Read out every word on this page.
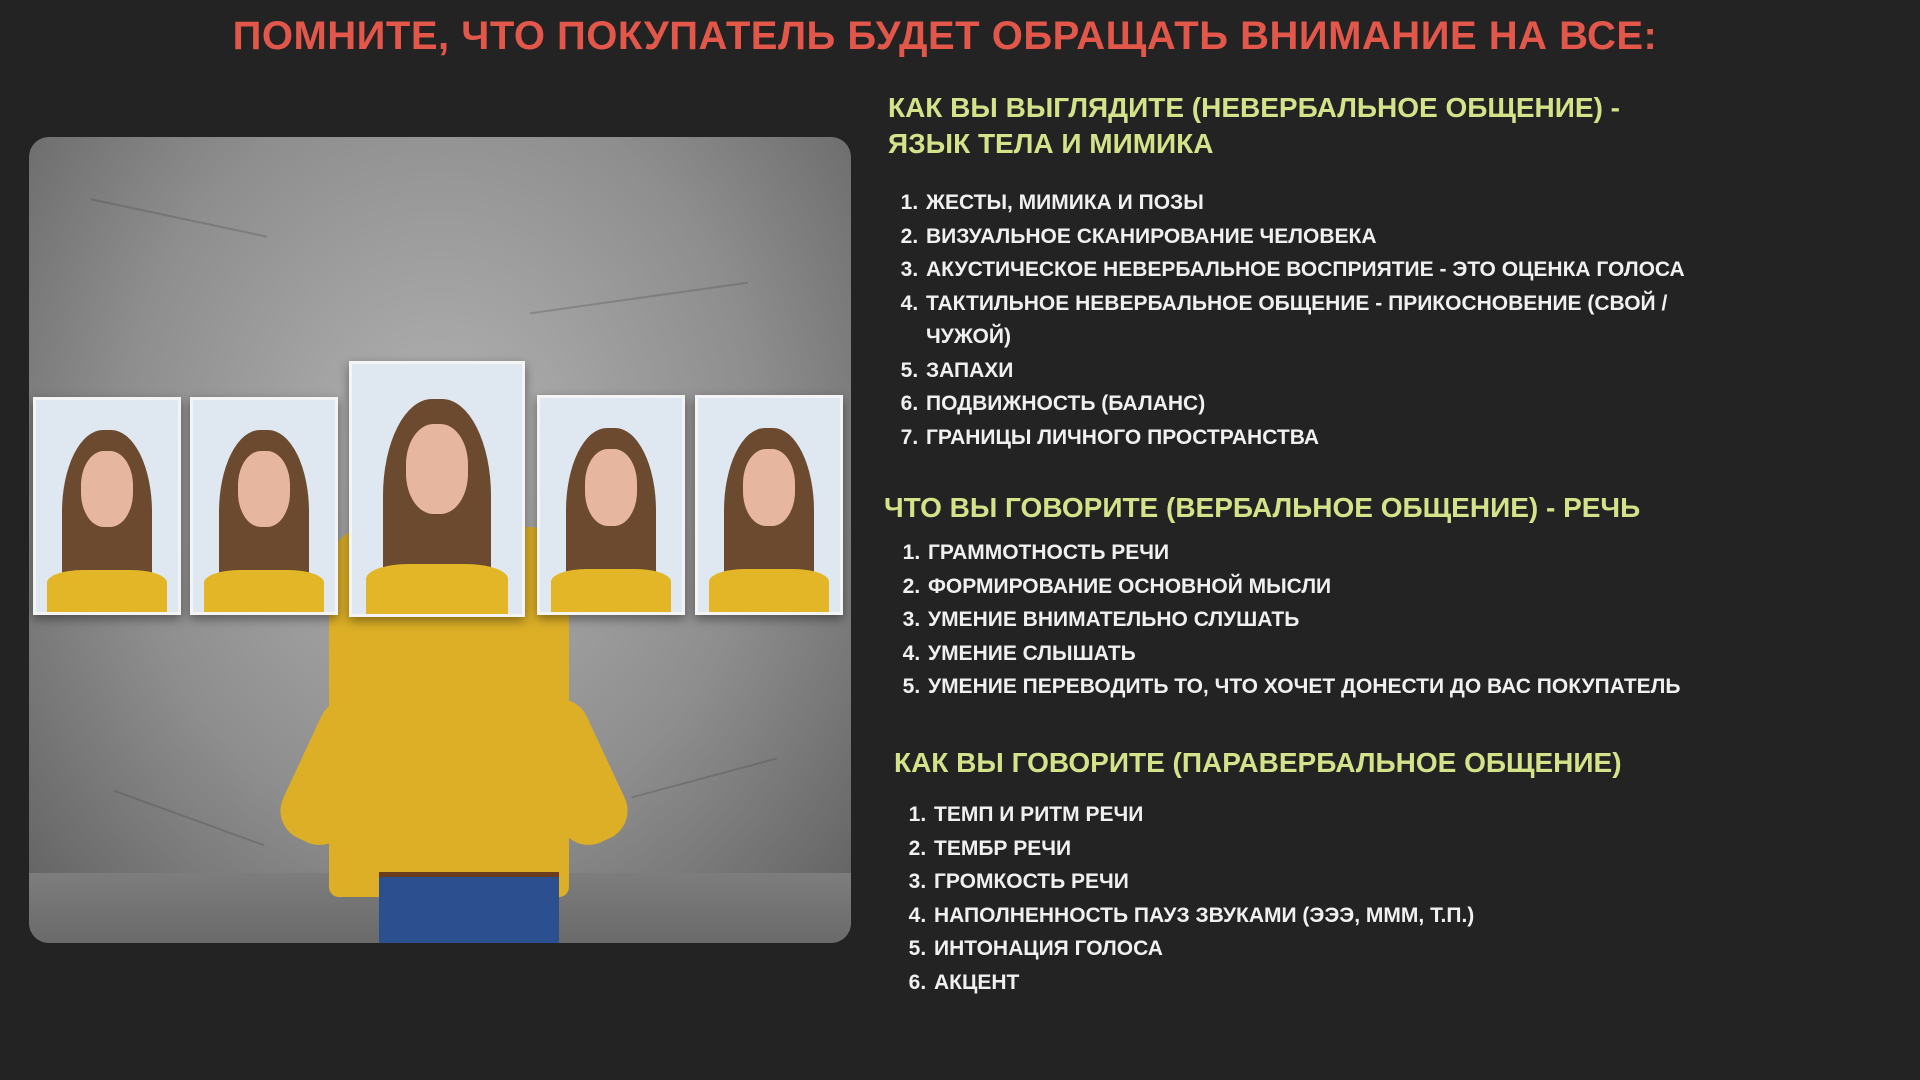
ПОМНИТЕ, ЧТО ПОКУПАТЕЛЬ БУДЕТ ОБРАЩАТЬ ВНИМАНИЕ НА ВСЕ:
КАК ВЫ ВЫГЛЯДИТЕ (НЕВЕРБАЛЬНОЕ ОБЩЕНИЕ) - ЯЗЫК ТЕЛА И МИМИКА
1. ЖЕСТЫ, МИМИКА И ПОЗЫ
2. ВИЗУАЛЬНОЕ СКАНИРОВАНИЕ ЧЕЛОВЕКА
3. АКУСТИЧЕСКОЕ НЕВЕРБАЛЬНОЕ ВОСПРИЯТИЕ - ЭТО ОЦЕНКА ГОЛОСА
4. ТАКТИЛЬНОЕ НЕВЕРБАЛЬНОЕ ОБЩЕНИЕ - ПРИКОСНОВЕНИЕ (СВОЙ / ЧУЖОЙ)
5. ЗАПАХИ
6. ПОДВИЖНОСТЬ (БАЛАНС)
7. ГРАНИЦЫ ЛИЧНОГО ПРОСТРАНСТВА
ЧТО ВЫ ГОВОРИТЕ (ВЕРБАЛЬНОЕ ОБЩЕНИЕ) - РЕЧЬ
1. ГРАММОТНОСТЬ РЕЧИ
2. ФОРМИРОВАНИЕ ОСНОВНОЙ МЫСЛИ
3. УМЕНИЕ ВНИМАТЕЛЬНО СЛУШАТЬ
4. УМЕНИЕ СЛЫШАТЬ
5. УМЕНИЕ ПЕРЕВОДИТЬ ТО, ЧТО ХОЧЕТ ДОНЕСТИ ДО ВАС ПОКУПАТЕЛЬ
КАК ВЫ ГОВОРИТЕ (ПАРАВЕРБАЛЬНОЕ ОБЩЕНИЕ)
1. ТЕМП И РИТМ РЕЧИ
2. ТЕМБР РЕЧИ
3. ГРОМКОСТЬ РЕЧИ
4. НАПОЛНЕННОСТЬ ПАУЗ ЗВУКАМИ (ЭЭЭ, МММ, Т.П.)
5. ИНТОНАЦИЯ ГОЛОСА
6. АКЦЕНТ
